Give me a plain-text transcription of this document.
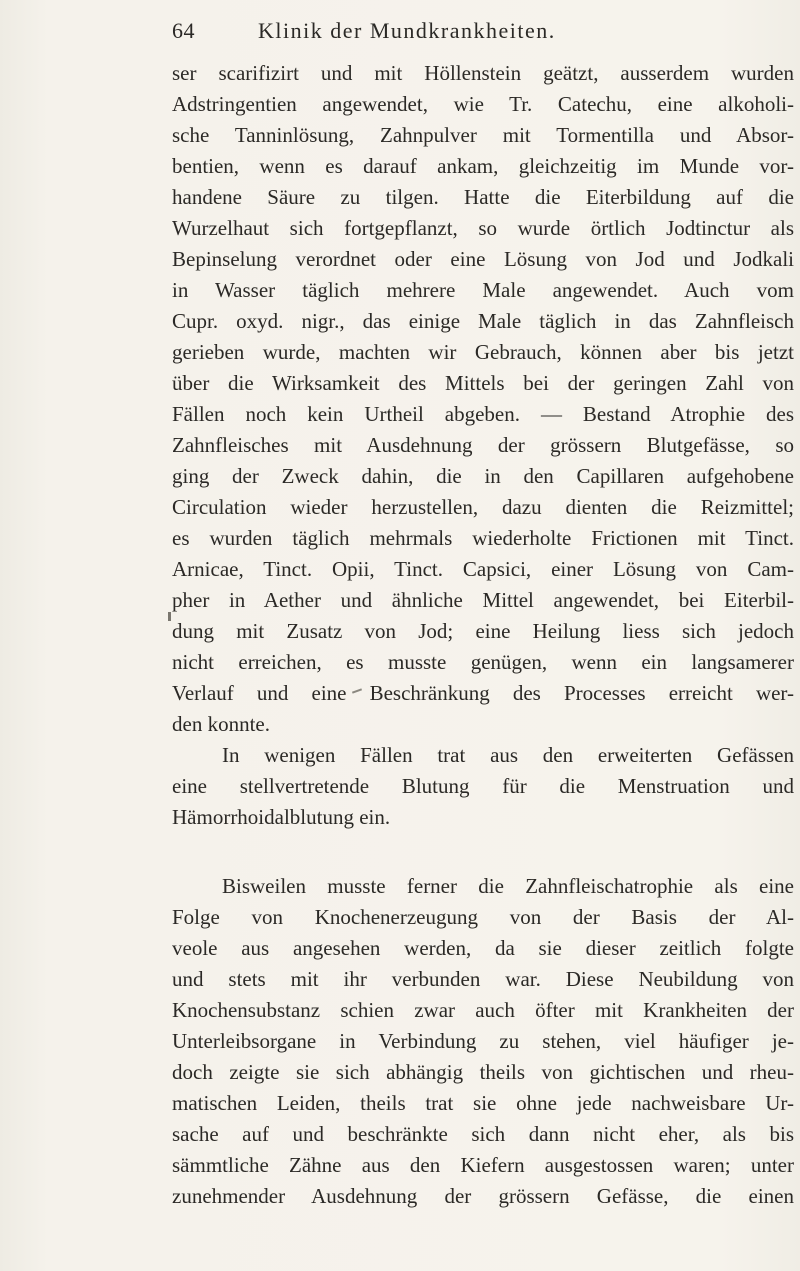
64	Klinik der Mundkrankheiten.
ser scarifizirt und mit Höllenstein geätzt, ausserdem wurden
Adstringentien angewendet, wie Tr. Catechu, eine alkoholi-
sche Tanninlösung, Zahnpulver mit Tormentilla und Absor-
bentien, wenn es darauf ankam, gleichzeitig im Munde vor-
handene Säure zu tilgen. Hatte die Eiterbildung auf die
Wurzelhaut sich fortgepflanzt, so wurde örtlich Jodtinctur als
Bepinselung verordnet oder eine Lösung von Jod und Jodkali
in Wasser täglich mehrere Male angewendet. Auch vom
Cupr. oxyd. nigr., das einige Male täglich in das Zahnfleisch
gerieben wurde, machten wir Gebrauch, können aber bis jetzt
über die Wirksamkeit des Mittels bei der geringen Zahl von
Fällen noch kein Urtheil abgeben. — Bestand Atrophie des
Zahnfleisches mit Ausdehnung der grössern Blutgefässe, so
ging der Zweck dahin, die in den Capillaren aufgehobene
Circulation wieder herzustellen, dazu dienten die Reizmittel;
es wurden täglich mehrmals wiederholte Frictionen mit Tinct.
Arnicae, Tinct. Opii, Tinct. Capsici, einer Lösung von Cam-
pher in Aether und ähnliche Mittel angewendet, bei Eiterbil-
dung mit Zusatz von Jod; eine Heilung liess sich jedoch
nicht erreichen, es musste genügen, wenn ein langsamerer
Verlauf und eine Beschränkung des Processes erreicht wer-
den konnte.
In wenigen Fällen trat aus den erweiterten Gefässen
eine stellvertretende Blutung für die Menstruation und
Hämorrhoidalblutung ein.
Bisweilen musste ferner die Zahnfleischatrophie als eine
Folge von Knochenerzeugung von der Basis der Al-
veole aus angesehen werden, da sie dieser zeitlich folgte
und stets mit ihr verbunden war. Diese Neubildung von
Knochensubstanz schien zwar auch öfter mit Krankheiten der
Unterleibsorgane in Verbindung zu stehen, viel häufiger je-
doch zeigte sie sich abhängig theils von gichtischen und rheu-
matischen Leiden, theils trat sie ohne jede nachweisbare Ur-
sache auf und beschränkte sich dann nicht eher, als bis
sämmtliche Zähne aus den Kiefern ausgestossen waren; unter
zunehmender Ausdehnung der grössern Gefässe, die einen
